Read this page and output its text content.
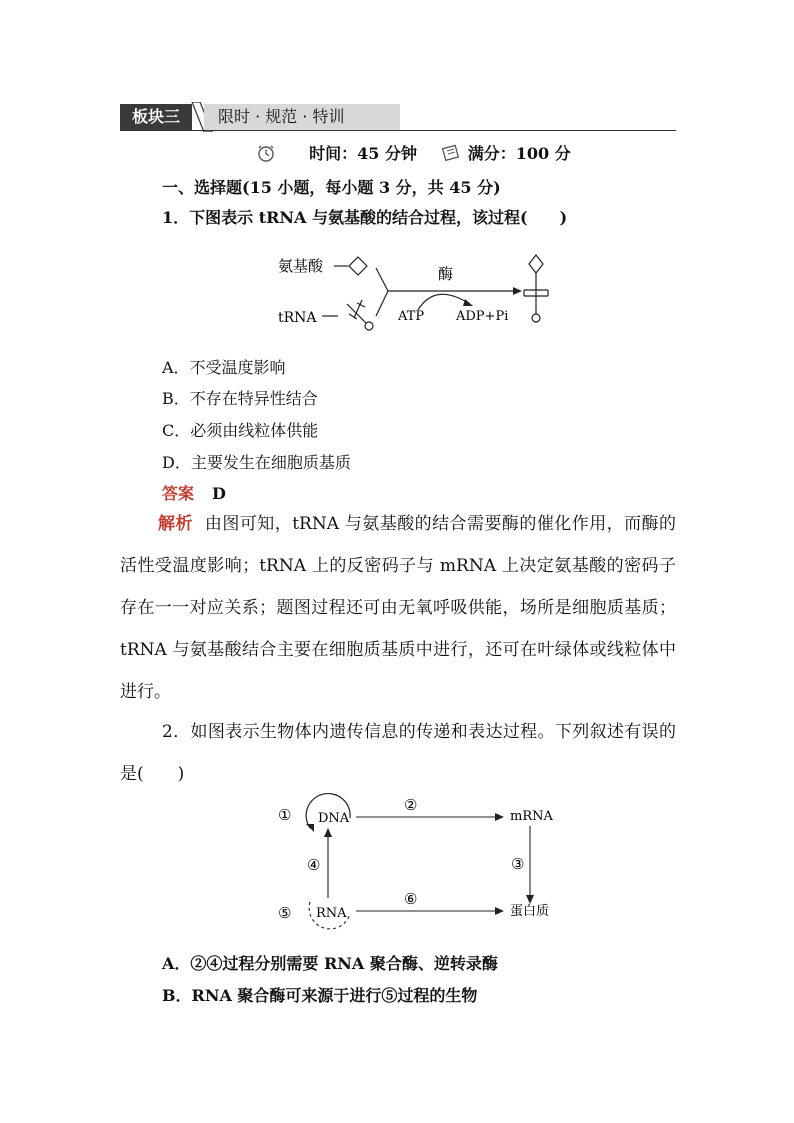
板块三	限时 · 规范 · 特训
时间：45 分钟	满分：100 分
一、选择题(15 小题，每小题 3 分，共 45 分)
1．下图表示 tRNA 与氨基酸的结合过程，该过程(　　)
氨基酸
tRNA
酶
ATP ADP+Pi
A．不受温度影响
B．不存在特异性结合
C．必须由线粒体供能
D．主要发生在细胞质基质
答案 D
解析 由图可知，tRNA 与氨基酸的结合需要酶的催化作用，而酶的活性受温度影响；tRNA 上的反密码子与 mRNA 上决定氨基酸的密码子存在一一对应关系；题图过程还可由无氧呼吸供能，场所是细胞质基质；tRNA 与氨基酸结合主要在细胞质基质中进行，还可在叶绿体或线粒体中进行。
2．如图表示生物体内遗传信息的传递和表达过程。下列叙述有误的是(　　)
① DNA
②
mRNA
③
④
⑤ RNA
⑥
蛋白质
A．②④过程分别需要 RNA 聚合酶、逆转录酶
B．RNA 聚合酶可来源于进行⑤过程的生物
